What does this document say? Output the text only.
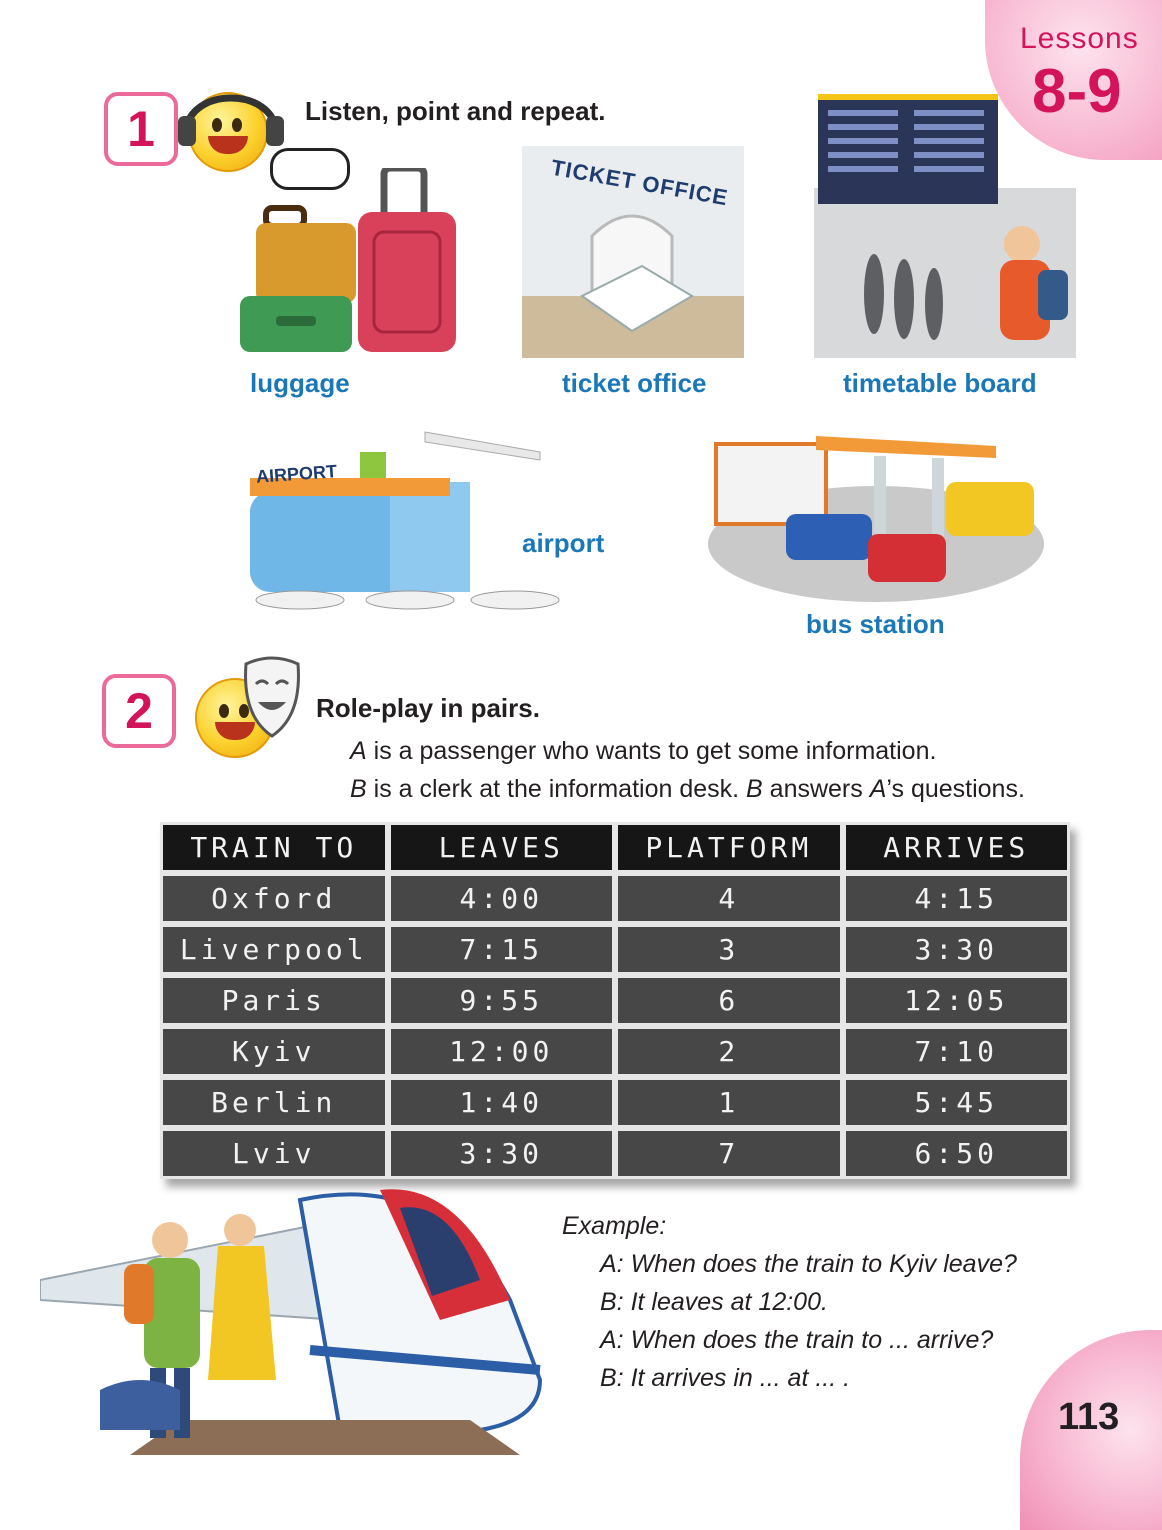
Lessons
8-9
1	Listen, point and repeat.
luggage
TICKET OFFICE
ticket office	timetable board
AIRPORT
airport
bus station
2	Role-play in pairs.
A is a passenger who wants to get some information.
B is a clerk at the information desk. B answers A’s questions.
TRAIN TO	LEAVES	PLATFORM	ARRIVES
Oxford	4:00	4	4:15
Liverpool	7:15	3	3:30
Paris	9:55	6	12:05
Kyiv	12:00	2	7:10
Berlin	1:40	1	5:45
Lviv	3:30	7	6:50
Example:
A: When does the train to Kyiv leave?
B: It leaves at 12:00.
A: When does the train to ... arrive?
B: It arrives in ... at ... .
113
